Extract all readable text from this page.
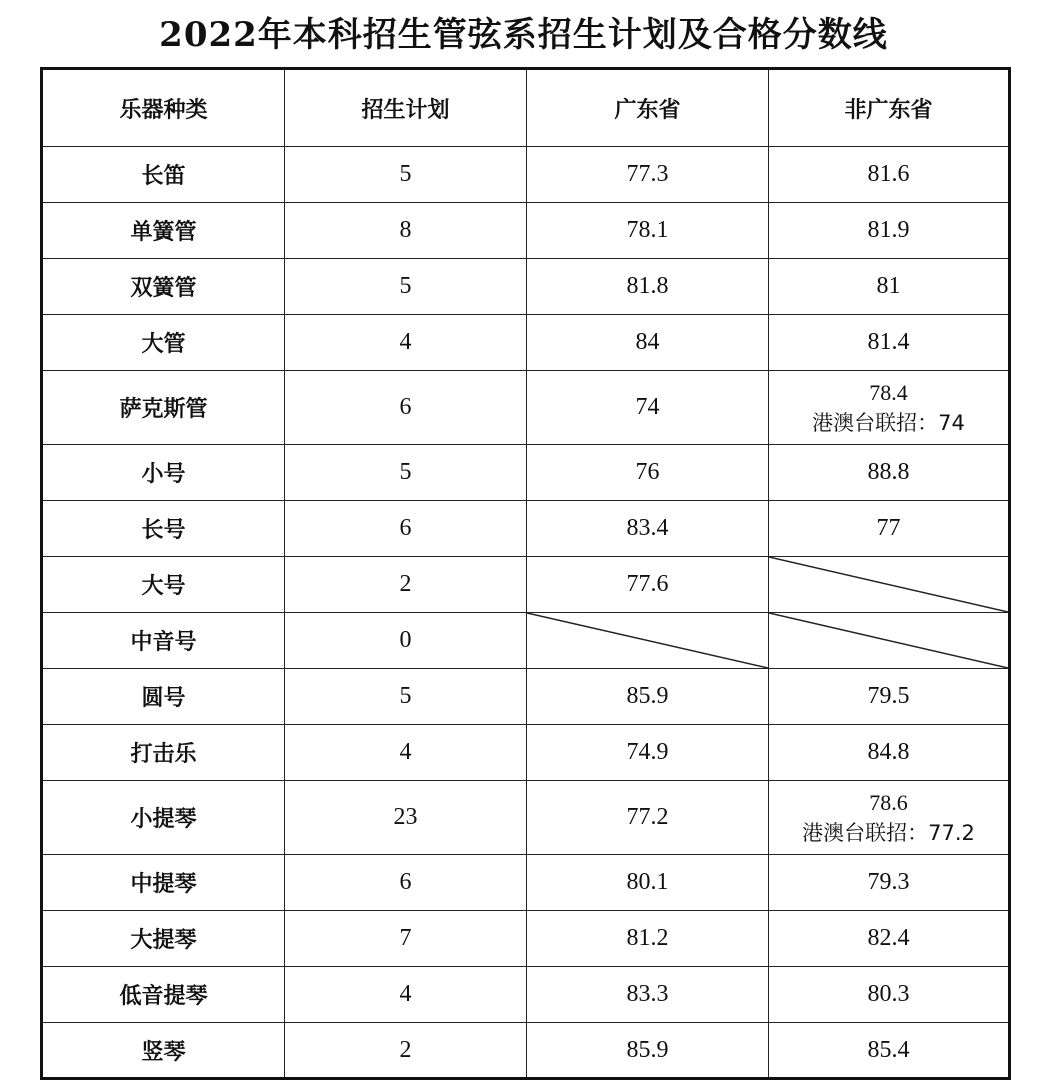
2022年本科招生管弦系招生计划及合格分数线
乐器种类	招生计划	广东省	非广东省
长笛	5	77.3	81.6
单簧管	8	78.1	81.9
双簧管	5	81.8	81
大管	4	84	81.4
萨克斯管	6	74	78.4
港澳台联招：74

小号	5	76	88.8
长号	6	83.4	77
大号	2	77.6	

中音号	0	

圆号	5	85.9	79.5
打击乐	4	74.9	84.8
小提琴	23	77.2	78.6
港澳台联招：77.2

中提琴	6	80.1	79.3
大提琴	7	81.2	82.4
低音提琴	4	83.3	80.3
竖琴	2	85.9	85.4
